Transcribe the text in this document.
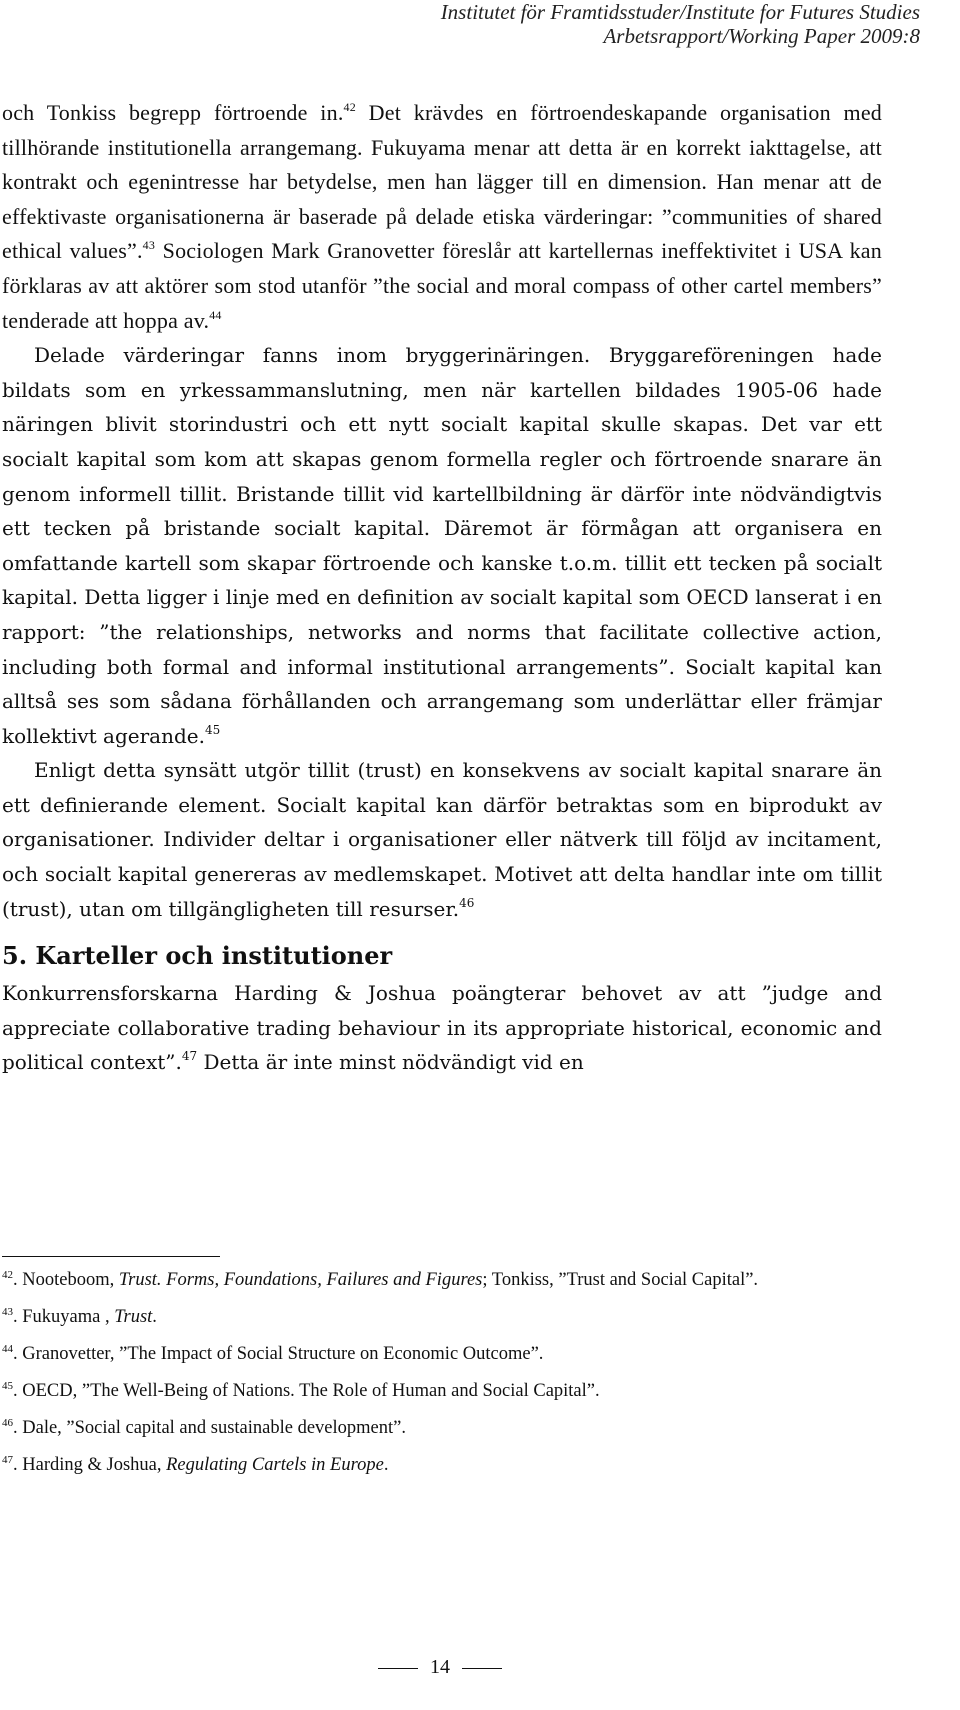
Institutet för Framtidsstuder/Institute for Futures Studies
Arbetsrapport/Working Paper 2009:8

och Tonkiss begrepp förtroende in.$^{42}$ Det krävdes en förtroendeskapande organisation med tillhörande institutionella arrangemang. Fukuyama menar att detta är en korrekt iakttagelse, att kontrakt och egenintresse har betydelse, men han lägger till en dimension. Han menar att de effektivaste organisationerna är baserade på delade etiska värderingar: ”communities of shared ethical values”.$^{43}$ Sociologen Mark Granovetter föreslår att kartellernas ineffektivitet i USA kan förklaras av att aktörer som stod utanför ”the social and moral compass of other cartel members” tenderade att hoppa av.$^{44}$

Delade värderingar fanns inom bryggerinäringen. Bryggareföreningen hade bildats som en yrkessammanslutning, men när kartellen bildades 1905-06 hade näringen blivit storindustri och ett nytt socialt kapital skulle skapas. Det var ett socialt kapital som kom att skapas genom formella regler och förtroende snarare än genom informell tillit. Bristande tillit vid kartellbildning är därför inte nödvändigtvis ett tecken på bristande socialt kapital. Däremot är förmågan att organisera en omfattande kartell som skapar förtroende och kanske t.o.m. tillit ett tecken på socialt kapital. Detta ligger i linje med en definition av socialt kapital som OECD lanserat i en rapport: ”the relationships, networks and norms that facilitate collective action, including both formal and informal institutional arrangements”. Socialt kapital kan alltså ses som sådana förhållanden och arrangemang som underlättar eller främjar kollektivt agerande.$^{45}$

Enligt detta synsätt utgör tillit (trust) en konsekvens av socialt kapital snarare än ett definierande element. Socialt kapital kan därför betraktas som en biprodukt av organisationer. Individer deltar i organisationer eller nätverk till följd av incitament, och socialt kapital genereras av medlemskapet. Motivet att delta handlar inte om tillit (trust), utan om tillgängligheten till resurser.$^{46}$

5. Karteller och institutioner

Konkurrensforskarna Harding & Joshua poängterar behovet av att ”judge and appreciate collaborative trading behaviour in its appropriate historical, economic and political context”.$^{47}$ Detta är inte minst nödvändigt vid en

$^{42}$. Nooteboom, Trust. Forms, Foundations, Failures and Figures; Tonkiss, ”Trust and Social Capital”.
$^{43}$. Fukuyama , Trust.
$^{44}$. Granovetter, ”The Impact of Social Structure on Economic Outcome”.
$^{45}$. OECD, ”The Well-Being of Nations. The Role of Human and Social Capital”.
$^{46}$. Dale, ”Social capital and sustainable development”.
$^{47}$. Harding & Joshua, Regulating Cartels in Europe.
14
